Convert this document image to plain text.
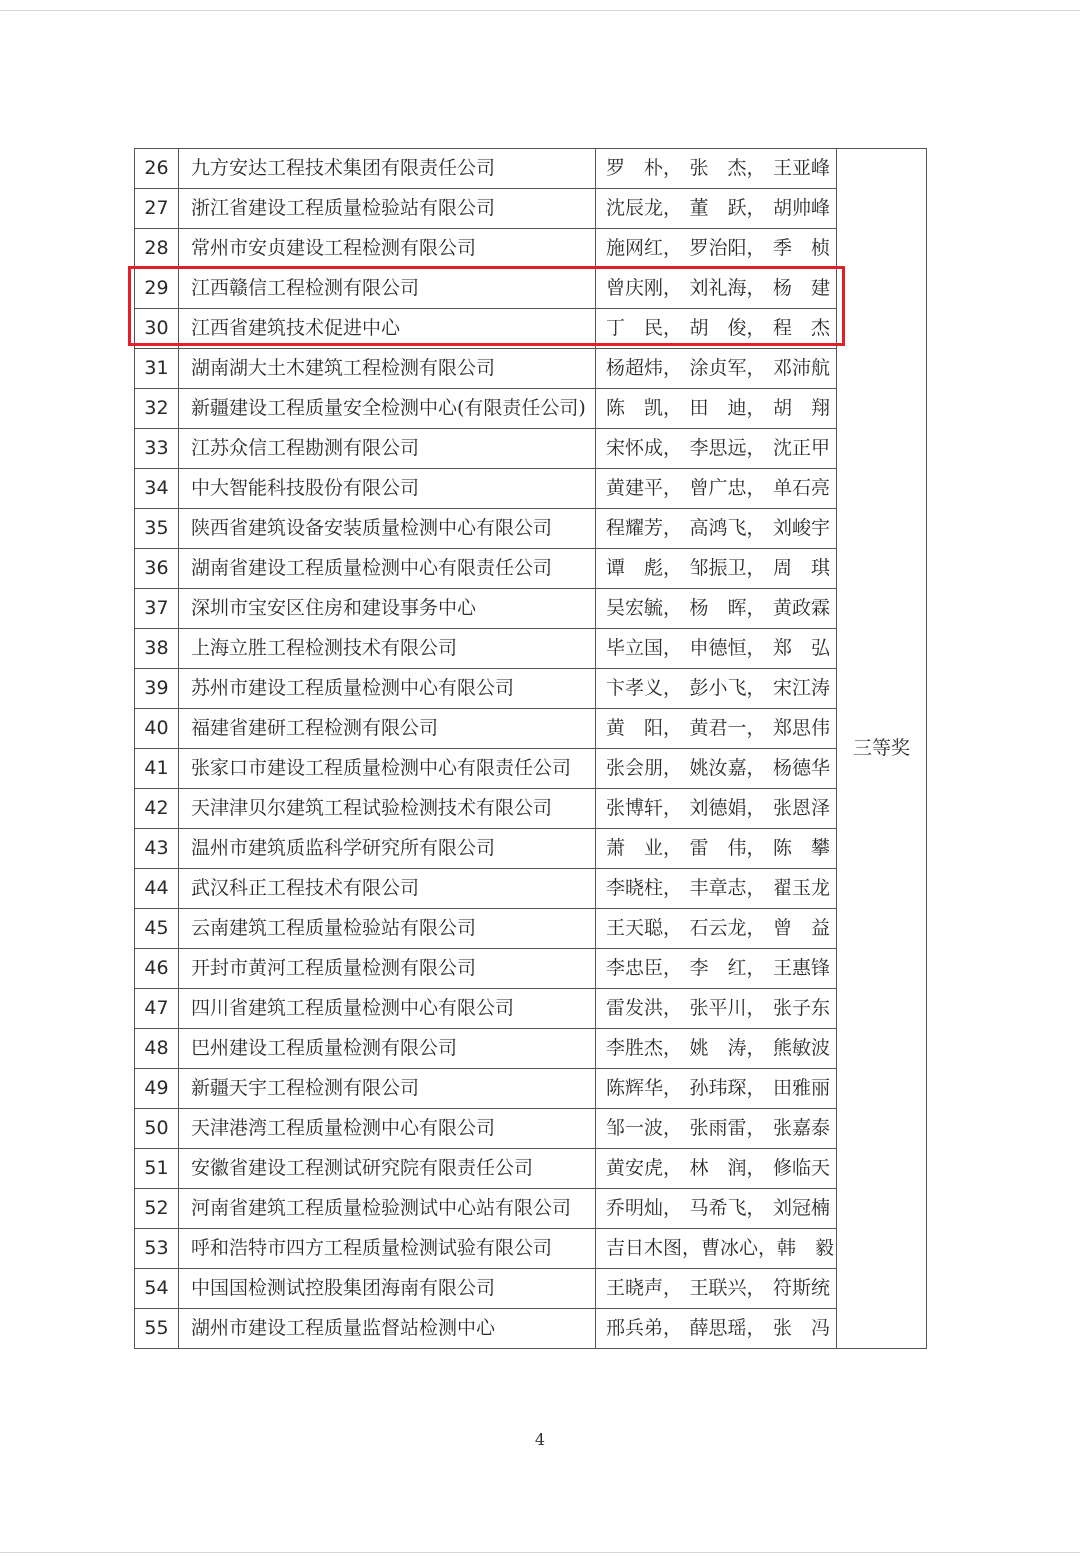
26	九方安达工程技术集团有限责任公司	罗　朴， 张　杰， 王亚峰	三等奖
27	浙江省建设工程质量检验站有限公司	沈辰龙， 董　跃， 胡帅峰	

28	常州市安贞建设工程检测有限公司	施网红， 罗治阳， 季　桢	

29	江西赣信工程检测有限公司	曾庆刚， 刘礼海， 杨　建	

30	江西省建筑技术促进中心	丁　民， 胡　俊， 程　杰	

31	湖南湖大土木建筑工程检测有限公司	杨超炜， 涂贞军， 邓沛航	

32	新疆建设工程质量安全检测中心(有限责任公司)	陈　凯， 田　迪， 胡　翔	

33	江苏众信工程勘测有限公司	宋怀成， 李思远， 沈正甲	

34	中大智能科技股份有限公司	黄建平， 曾广忠， 单石亮	

35	陕西省建筑设备安装质量检测中心有限公司	程耀芳， 高鸿飞， 刘峻宇	

36	湖南省建设工程质量检测中心有限责任公司	谭　彪， 邹振卫， 周　琪	

37	深圳市宝安区住房和建设事务中心	吴宏毓， 杨　晖， 黄政霖	

38	上海立胜工程检测技术有限公司	毕立国， 申德恒， 郑　弘	

39	苏州市建设工程质量检测中心有限公司	卞孝义， 彭小飞， 宋江涛	

40	福建省建研工程检测有限公司	黄　阳， 黄君一， 郑思伟	

41	张家口市建设工程质量检测中心有限责任公司	张会朋， 姚汝嘉， 杨德华	

42	天津津贝尔建筑工程试验检测技术有限公司	张博轩， 刘德娟， 张恩泽	

43	温州市建筑质监科学研究所有限公司	萧　业， 雷　伟， 陈　攀	

44	武汉科正工程技术有限公司	李晓柱， 丰章志， 翟玉龙	

45	云南建筑工程质量检验站有限公司	王天聪， 石云龙， 曾　益	

46	开封市黄河工程质量检测有限公司	李忠臣， 李　红， 王惠锋	

47	四川省建筑工程质量检测中心有限公司	雷发洪， 张平川， 张子东	

48	巴州建设工程质量检测有限公司	李胜杰， 姚　涛， 熊敏波	

49	新疆天宇工程检测有限公司	陈辉华， 孙玮琛， 田雅丽	

50	天津港湾工程质量检测中心有限公司	邹一波， 张雨雷， 张嘉泰	

51	安徽省建设工程测试研究院有限责任公司	黄安虎， 林　润， 修临天	

52	河南省建筑工程质量检验测试中心站有限公司	乔明灿， 马希飞， 刘冠楠	

53	呼和浩特市四方工程质量检测试验有限公司	吉日木图， 曹冰心， 韩　毅	

54	中国国检测试控股集团海南有限公司	王晓声， 王联兴， 符斯统	

55	湖州市建设工程质量监督站检测中心	邢兵弟， 薛思瑶， 张　冯	
4
